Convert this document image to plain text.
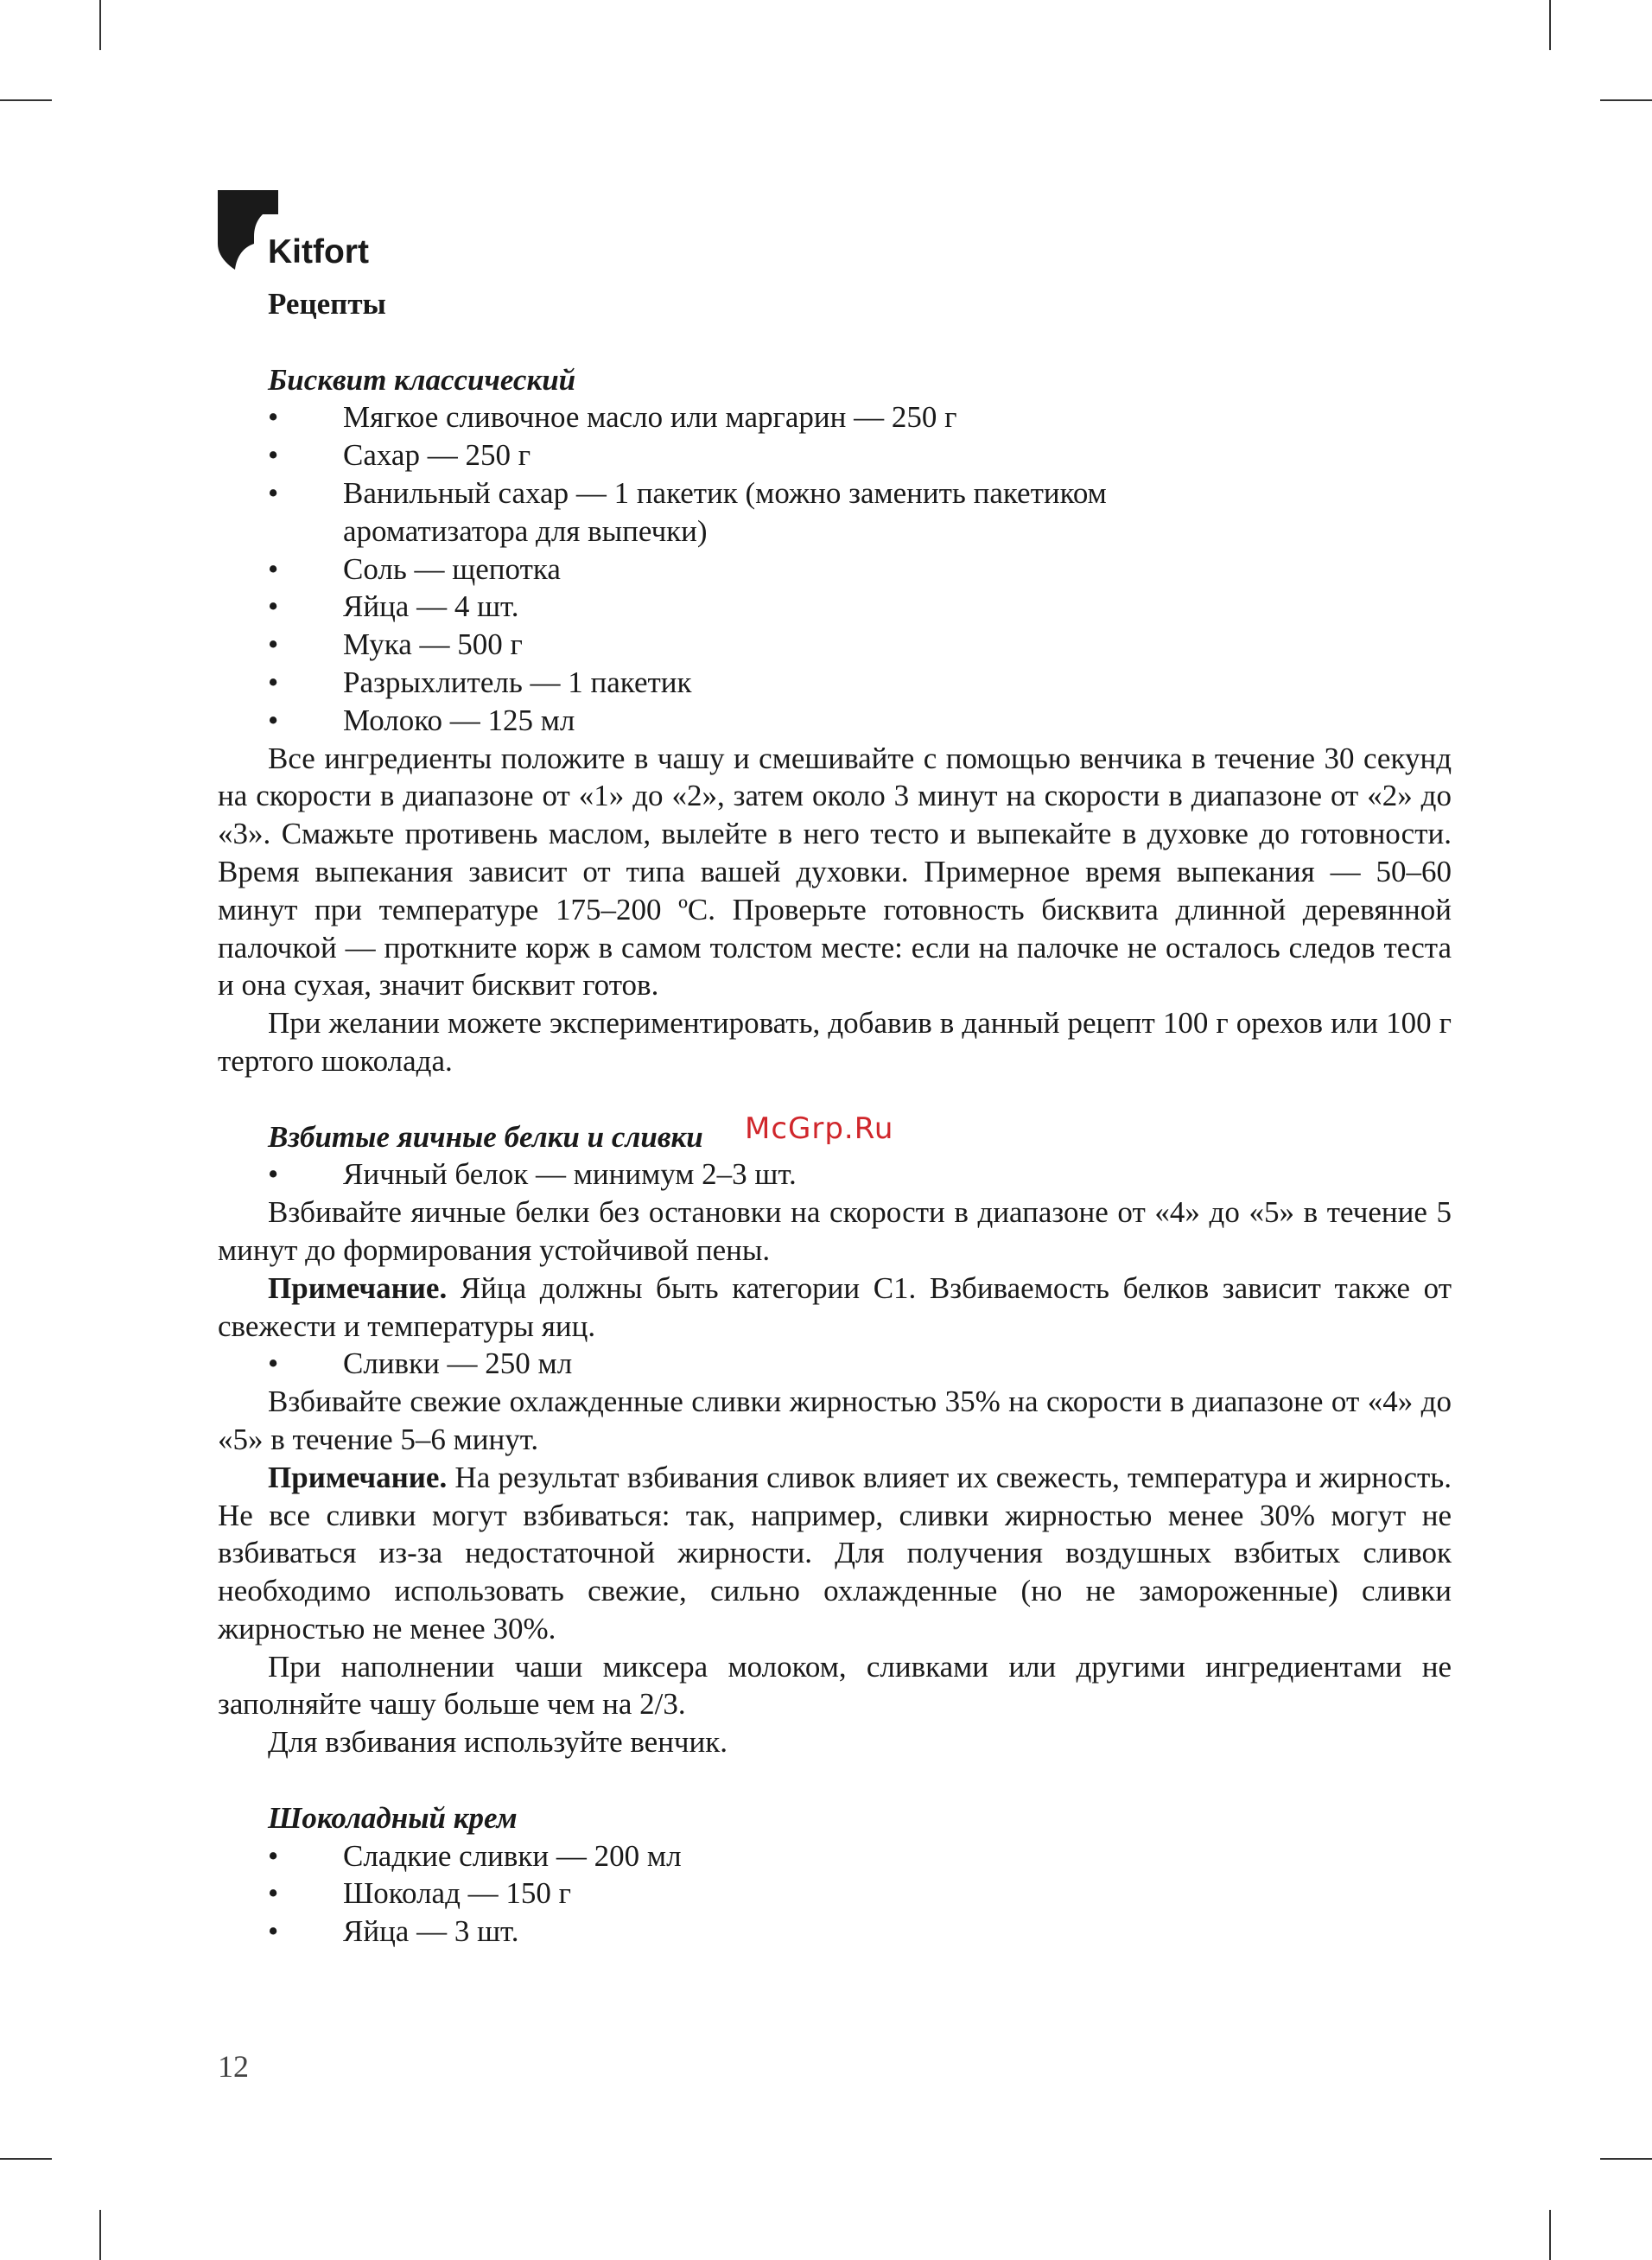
Kitfort
Рецепты
Бисквит классический
• Мягкое сливочное масло или маргарин — 250 г
• Сахар — 250 г
• Ванильный сахар — 1 пакетик (можно заменить пакетиком ароматизатора для выпечки)
• Соль — щепотка
• Яйца — 4 шт.
• Мука — 500 г
• Разрыхлитель — 1 пакетик
• Молоко — 125 мл

Все ингредиенты положите в чашу и смешивайте с помощью венчика в течение 30 секунд на скорости в диапазоне от «1» до «2», затем около 3 минут на скорости в диапазоне от «2» до «3». Смажьте противень маслом, вылейте в него тесто и выпекайте в духовке до готовности. Время выпекания зависит от типа вашей духовки. Примерное время выпекания — 50–60 минут при температуре 175–200 ºC. Проверьте готовность бисквита длинной деревянной палочкой — проткните корж в самом толстом месте: если на палочке не осталось следов теста и она сухая, значит бисквит готов.

При желании можете экспериментировать, добавив в данный рецепт 100 г орехов или 100 г тертого шоколада.

Взбитые яичные белки и сливки
• Яичный белок — минимум 2–3 шт.

Взбивайте яичные белки без остановки на скорости в диапазоне от «4» до «5» в течение 5 минут до формирования устойчивой пены.

Примечание. Яйца должны быть категории С1. Взбиваемость белков зависит также от свежести и температуры яиц.

• Сливки — 250 мл

Взбивайте свежие охлажденные сливки жирностью 35% на скорости в диапазоне от «4» до «5» в течение 5–6 минут.

Примечание. На результат взбивания сливок влияет их свежесть, температура и жирность. Не все сливки могут взбиваться: так, например, сливки жирностью менее 30% могут не взбиваться из-за недостаточной жирности. Для получения воздушных взбитых сливок необходимо использовать свежие, сильно охлажденные (но не замороженные) сливки жирностью не менее 30%.

При наполнении чаши миксера молоком, сливками или другими ингредиентами не заполняйте чашу больше чем на 2/3.

Для взбивания используйте венчик.

Шоколадный крем
• Сладкие сливки — 200 мл
• Шоколад — 150 г
• Яйца — 3 шт.
McGrp.Ru
12
